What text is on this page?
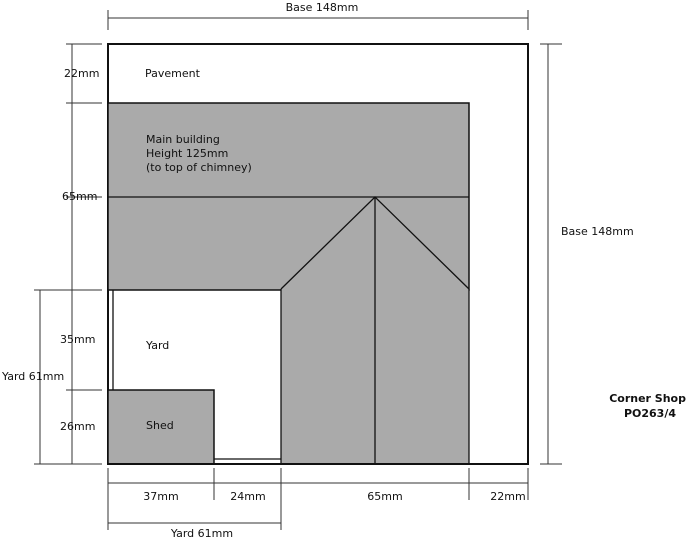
Base 148mm
Base 148mm
22mm
65mm
35mm
26mm
Yard 61mm
37mm	24mm	65mm	22mm
Yard 61mm
Pavement
Main building
Height 125mm
(to top of chimney)
Yard
Shed
Corner Shop
PO263/4
